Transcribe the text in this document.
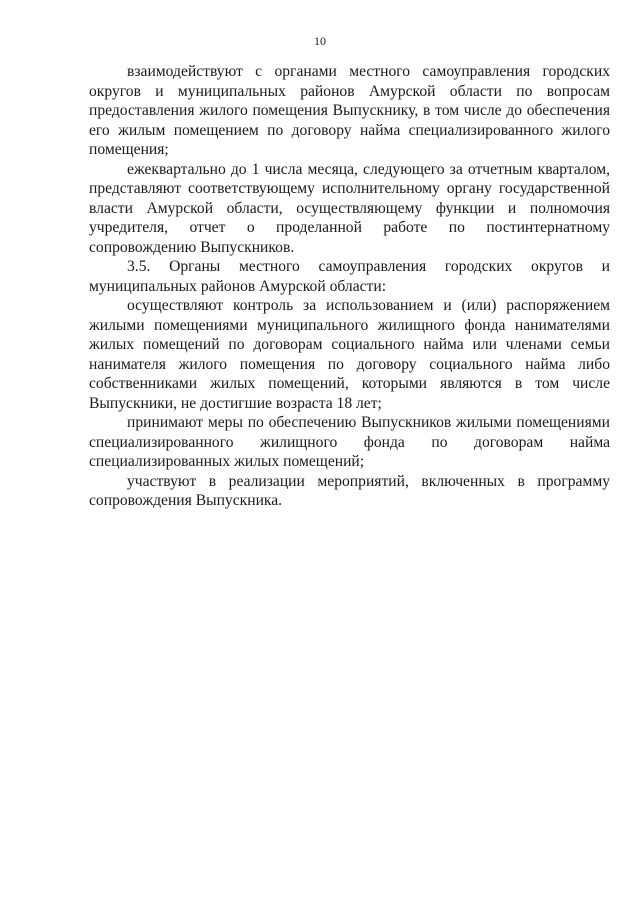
10

взаимодействуют с органами местного самоуправления городских округов и муниципальных районов Амурской области по вопросам предоставления жилого помещения Выпускнику, в том числе до обеспечения его жилым помещением по договору найма специализированного жилого помещения;

ежеквартально до 1 числа месяца, следующего за отчетным кварталом, представляют соответствующему исполнительному органу государственной власти Амурской области, осуществляющему функции и полномочия учредителя, отчет о проделанной работе по постинтернатному сопровождению Выпускников.

3.5. Органы местного самоуправления городских округов и муниципальных районов Амурской области:

осуществляют контроль за использованием и (или) распоряжением жилыми помещениями муниципального жилищного фонда нанимателями жилых помещений по договорам социального найма или членами семьи нанимателя жилого помещения по договору социального найма либо собственниками жилых помещений, которыми являются в том числе Выпускники, не достигшие возраста 18 лет;

принимают меры по обеспечению Выпускников жилыми помещениями специализированного жилищного фонда по договорам найма специализированных жилых помещений;

участвуют в реализации мероприятий, включенных в программу сопровождения Выпускника.
